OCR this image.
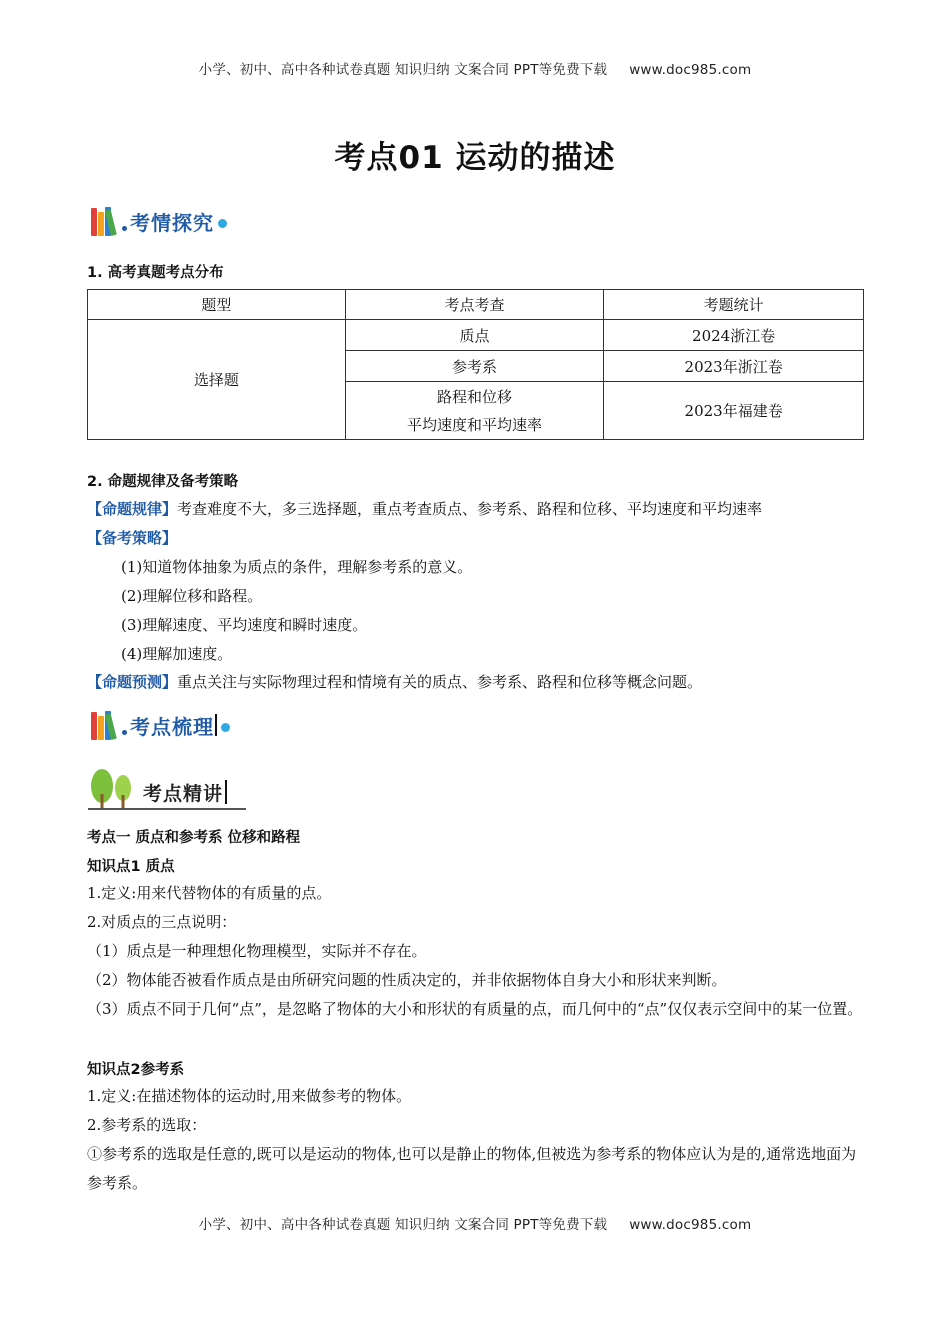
小学、初中、高中各种试卷真题 知识归纳 文案合同 PPT等免费下载 www.doc985.com
考点01 运动的描述
考情探究
1. 高考真题考点分布
题型	考点考查	考题统计
选择题	质点	2024浙江卷
	参考系	2023年浙江卷

	路程和位移
平均速度和平均速率	2023年福建卷
2. 命题规律及备考策略
【命题规律】考查难度不大，多三选择题，重点考查质点、参考系、路程和位移、平均速度和平均速率
【备考策略】
(1)知道物体抽象为质点的条件，理解参考系的意义。
(2)理解位移和路程。
(3)理解速度、平均速度和瞬时速度。
(4)理解加速度。
【命题预测】重点关注与实际物理过程和情境有关的质点、参考系、路程和位移等概念问题。
考点梳理
考点精讲
考点一 质点和参考系 位移和路程
知识点1 质点
1.定义:用来代替物体的有质量的点。
2.对质点的三点说明：
（1）质点是一种理想化物理模型，实际并不存在。
（2）物体能否被看作质点是由所研究问题的性质决定的，并非依据物体自身大小和形状来判断。
（3）质点不同于几何“点”，是忽略了物体的大小和形状的有质量的点，而几何中的“点”仅仅表示空间中的某一位置。
知识点2参考系
1.定义:在描述物体的运动时,用来做参考的物体。
2.参考系的选取：
①参考系的选取是任意的,既可以是运动的物体,也可以是静止的物体,但被选为参考系的物体应认为是的,通常选地面为参考系。
小学、初中、高中各种试卷真题 知识归纳 文案合同 PPT等免费下载 www.doc985.com
